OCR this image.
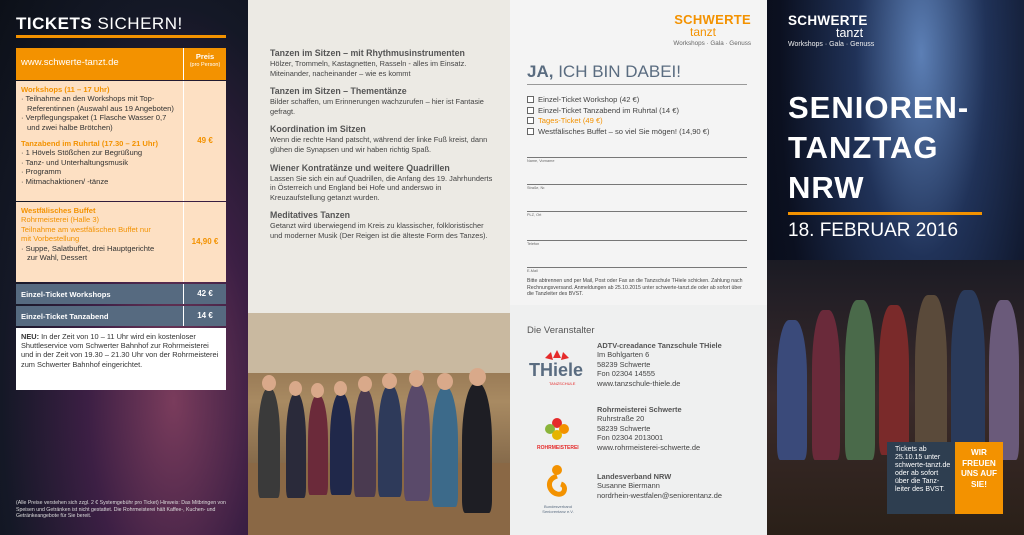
TICKETS SICHERN!
www.schwerte-tanzt.de
Preis
(pro Person)
Workshops (11 – 17 Uhr)
· Teilnahme an den Workshops mit Top-
Referentinnen (Auswahl aus 19 Angeboten)
· Verpflegungspaket (1 Flasche Wasser 0,7
und zwei halbe Brötchen)
Tanzabend im Ruhrtal (17.30 – 21 Uhr)
· 1 Hövels Stößchen zur Begrüßung
· Tanz- und Unterhaltungsmusik
· Programm
· Mitmachaktionen/ -tänze
49 €
Westfälisches Buffet
Rohrmeisterei (Halle 3)
Teilnahme am westfälischen Buffet nur
mit Vorbestellung
· Suppe, Salatbuffet, drei Hauptgerichte
zur Wahl, Dessert
14,90 €
Einzel-Ticket Workshops	42 €
Einzel-Ticket Tanzabend	14 €
NEU: In der Zeit von 10 – 11 Uhr wird ein kostenloser Shuttleservice vom Schwerter Bahnhof zur Rohrmeisterei und in der Zeit von 19.30 – 21.30 Uhr von der Rohrmeisterei zum Schwerter Bahnhof eingerichtet.
(Alle Preise verstehen sich zzgl. 2 € Systemgebühr pro Ticket) Hinweis: Das Mitbringen von Speisen und Getränken ist nicht gestattet. Die Rohrmeisterei hält Kaffee-, Kuchen- und Getränkeangebote für Sie bereit.
Tanzen im Sitzen – mit Rhythmusinstrumenten

Hölzer, Trommeln, Kastagnetten, Rasseln - alles im Einsatz. Miteinander, nacheinander – wie es kommt

Tanzen im Sitzen – Thementänze

Bilder schaffen, um Erinnerungen wachzurufen – hier ist Fantasie gefragt.

Koordination im Sitzen

Wenn die rechte Hand patscht, während der linke Fuß kreist, dann glühen die Synapsen und wir haben richtig Spaß.

Wiener Kontratänze und weitere Quadrillen

Lassen Sie sich ein auf Quadrillen, die Anfang des 19. Jahrhunderts in Österreich und England bei Hofe und anderswo in Kreuzaufstellung getanzt wurden.

Meditatives Tanzen

Getanzt wird überwiegend im Kreis zu klassischer, folkloristischer und moderner Musik (Der Reigen ist die älteste Form des Tanzes).

SCHWERTE
tanzt
Workshops · Gala · Genuss
JA, ICH BIN DABEI!
Einzel-Ticket Workshop (42 €)
Einzel-Ticket Tanzabend im Ruhrtal (14 €)
Tages-Ticket (49 €)
Westfälisches Buffet – so viel Sie mögen! (14,90 €)
Name, Vorname
Straße, Nr.
PLZ, Ort
Telefon
E-Mail
Bitte abtrennen und per Mail, Post oder Fax an die Tanzschule THiele schicken. Zahlung nach Rechnungsversand. Anmeldungen ab 25.10.2015 unter schwerte-tanzt.de oder ab sofort über die Tanzleiter des BVST.
Die Veranstalter
THiele
TANZSCHULE
ADTV-creadance Tanzschule THiele
Im Bohlgarten 6
58239 Schwerte
Fon 02304 14555
www.tanzschule-thiele.de
ROHRMEISTEREI
Rohrmeisterei Schwerte
Ruhrstraße 20
58239 Schwerte
Fon 02304 2013001
www.rohrmeisterei-schwerte.de
Bundesverband Seniorentanz e.V.
Landesverband NRW
Susanne Biermann
nordrhein-westfalen@seniorentanz.de
SCHWERTE
tanzt
Workshops · Gala · Genuss
SENIOREN-
TANZTAG
NRW
18. FEBRUAR 2016
Tickets ab 25.10.15 unter schwerte-tanzt.de oder ab sofort über die Tanz-leiter des BVST.
WIR FREUEN UNS AUF SIE!
